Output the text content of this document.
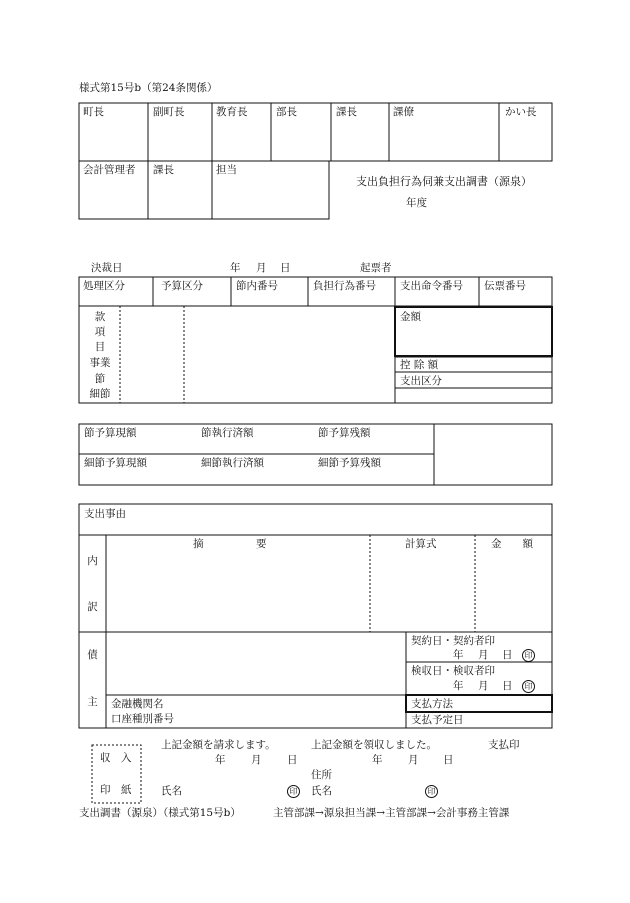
様式第15号b（第24条関係）
町長	副町長	教育長	部長	課長	課僚	かい長
会計管理者 課長	担当
支出負担行為伺兼支出調書（源泉）
年度
決裁日	年 月 日	起票者
処理区分	予算区分	節内番号	負担行為番号 支出命令番号 伝票番号
款
項
目
事業
節
細節
金額
控 除 額
支出区分
節予算現額	節執行済額	節予算残額
細節予算現額	細節執行済額	細節予算残額
支出事由
内
訳
摘　　　　　要	計算式	金　　額
債
主
契約日・契約者印
年 月 日	印
検収日・検収者印
年 月 日	印
金融機関名
口座種別番号
支払方法
支払予定日
収　入
印　紙
上記金額を請求します。	上記金額を領収しました。	支払印
年 月 日	年 月 日
住所
氏名	印 氏名	印
支出調書（源泉）（様式第15号b）	主管部課→源泉担当課→主管部課→会計事務主管課
